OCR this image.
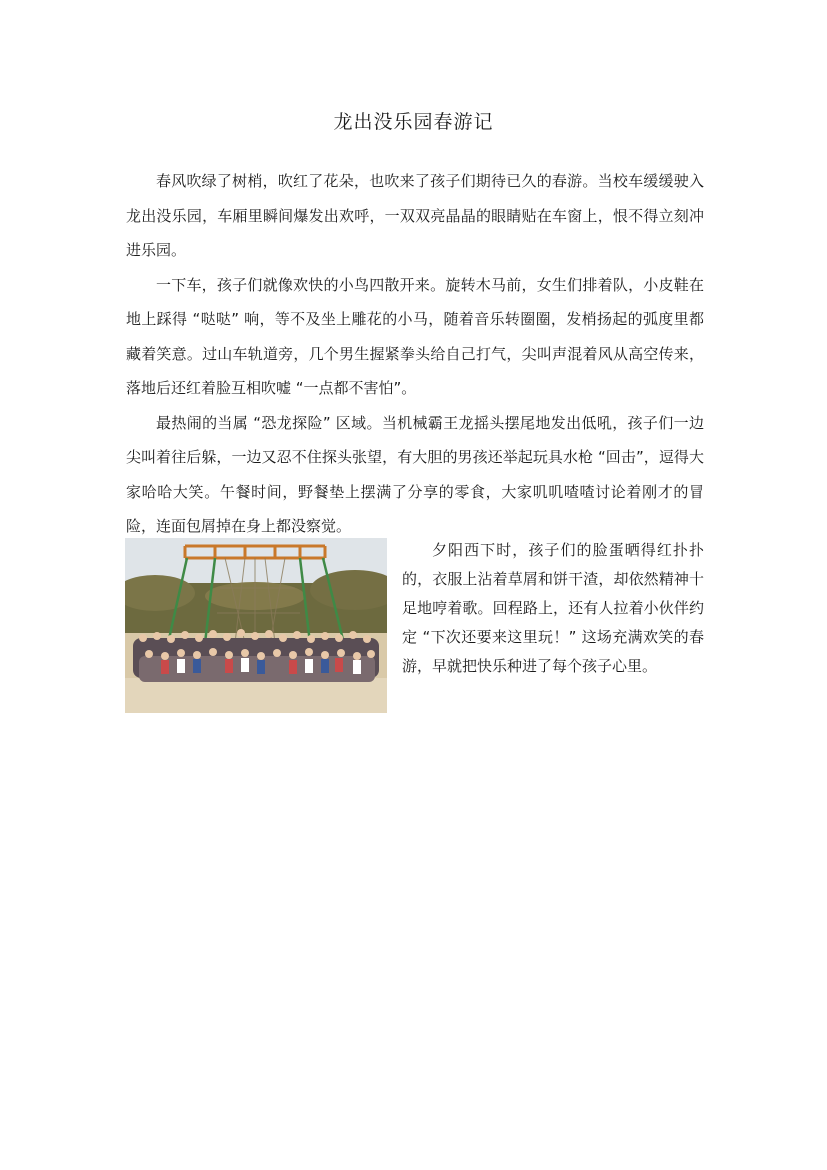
龙出没乐园春游记

春风吹绿了树梢，吹红了花朵，也吹来了孩子们期待已久的春游。当校车缓缓驶入龙出没乐园，车厢里瞬间爆发出欢呼，一双双亮晶晶的眼睛贴在车窗上，恨不得立刻冲进乐园。

一下车，孩子们就像欢快的小鸟四散开来。旋转木马前，女生们排着队，小皮鞋在地上踩得 “哒哒” 响，等不及坐上雕花的小马，随着音乐转圈圈，发梢扬起的弧度里都藏着笑意。过山车轨道旁，几个男生握紧拳头给自己打气，尖叫声混着风从高空传来，落地后还红着脸互相吹嘘 “一点都不害怕”。

最热闹的当属 “恐龙探险” 区域。当机械霸王龙摇头摆尾地发出低吼，孩子们一边尖叫着往后躲，一边又忍不住探头张望，有大胆的男孩还举起玩具水枪 “回击”，逗得大家哈哈大笑。午餐时间，野餐垫上摆满了分享的零食，大家叽叽喳喳讨论着刚才的冒险，连面包屑掉在身上都没察觉。

夕阳西下时，孩子们的脸蛋晒得红扑扑的，衣服上沾着草屑和饼干渣，却依然精神十足地哼着歌。回程路上，还有人拉着小伙伴约定 “下次还要来这里玩！” 这场充满欢笑的春游，早就把快乐种进了每个孩子心里。
